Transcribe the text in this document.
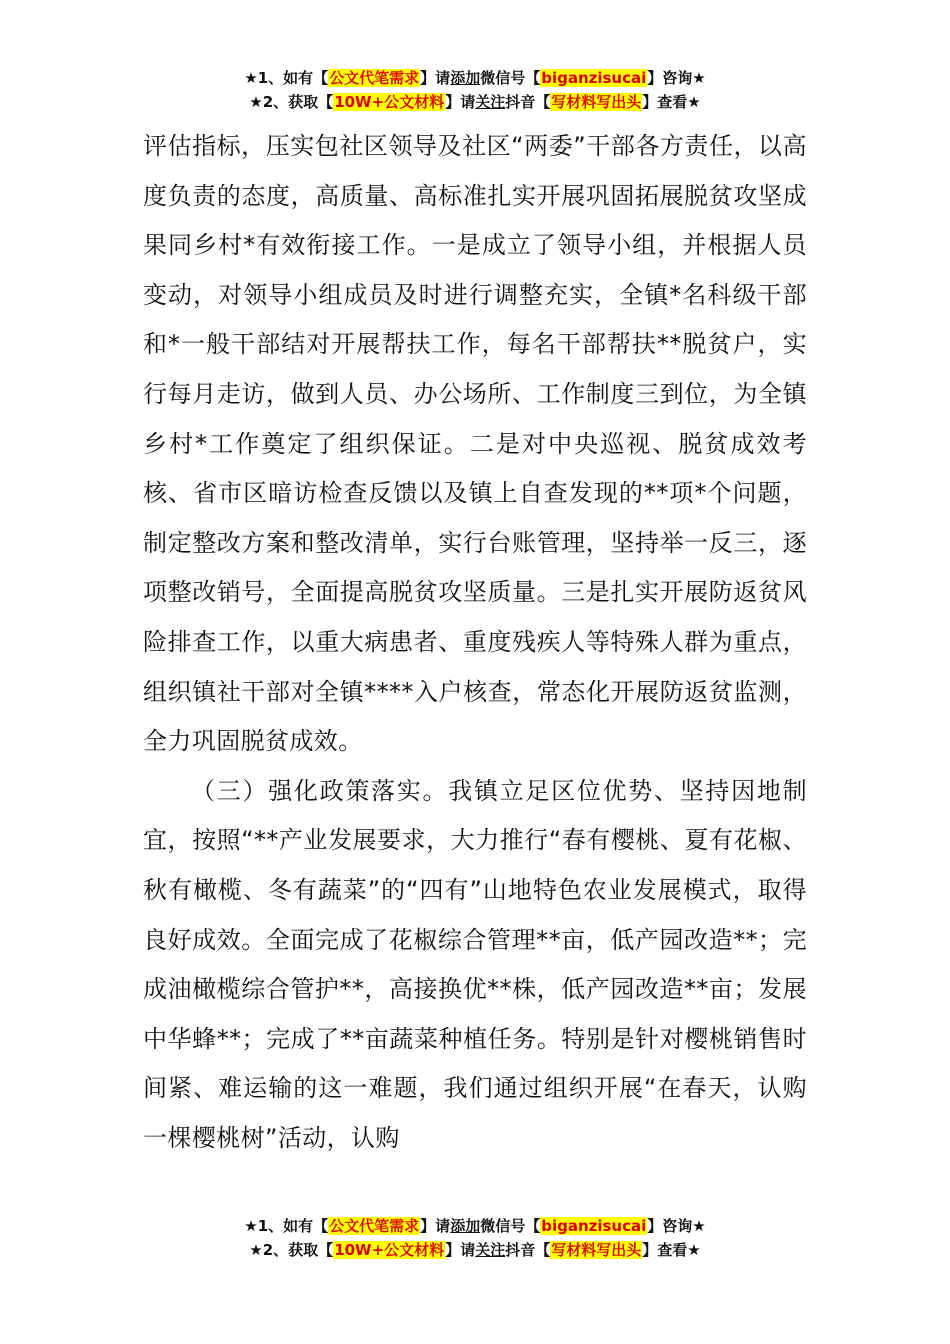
★1、如有【公文代笔需求】请添加微信号【biganzisucai】咨询★
★2、获取【10W+公文材料】请关注抖音【写材料写出头】查看★

评估指标，压实包社区领导及社区“两委”干部各方责任，以高度负责的态度，高质量、高标准扎实开展巩固拓展脱贫攻坚成果同乡村*有效衔接工作。一是成立了领导小组，并根据人员变动，对领导小组成员及时进行调整充实，全镇*名科级干部和*一般干部结对开展帮扶工作，每名干部帮扶**脱贫户，实行每月走访，做到人员、办公场所、工作制度三到位，为全镇乡村*工作奠定了组织保证。二是对中央巡视、脱贫成效考核、省市区暗访检查反馈以及镇上自查发现的**项*个问题，制定整改方案和整改清单，实行台账管理，坚持举一反三，逐项整改销号，全面提高脱贫攻坚质量。三是扎实开展防返贫风险排查工作，以重大病患者、重度残疾人等特殊人群为重点，组织镇社干部对全镇****入户核查，常态化开展防返贫监测，全力巩固脱贫成效。

（三）强化政策落实。我镇立足区位优势、坚持因地制宜，按照“**产业发展要求，大力推行“春有樱桃、夏有花椒、秋有橄榄、冬有蔬菜”的“四有”山地特色农业发展模式，取得良好成效。全面完成了花椒综合管理**亩，低产园改造**；完成油橄榄综合管护**，高接换优**株，低产园改造**亩；发展中华蜂**；完成了**亩蔬菜种植任务。特别是针对樱桃销售时间紧、难运输的这一难题，我们通过组织开展“在春天，认购一棵樱桃树”活动，认购

★1、如有【公文代笔需求】请添加微信号【biganzisucai】咨询★
★2、获取【10W+公文材料】请关注抖音【写材料写出头】查看★
